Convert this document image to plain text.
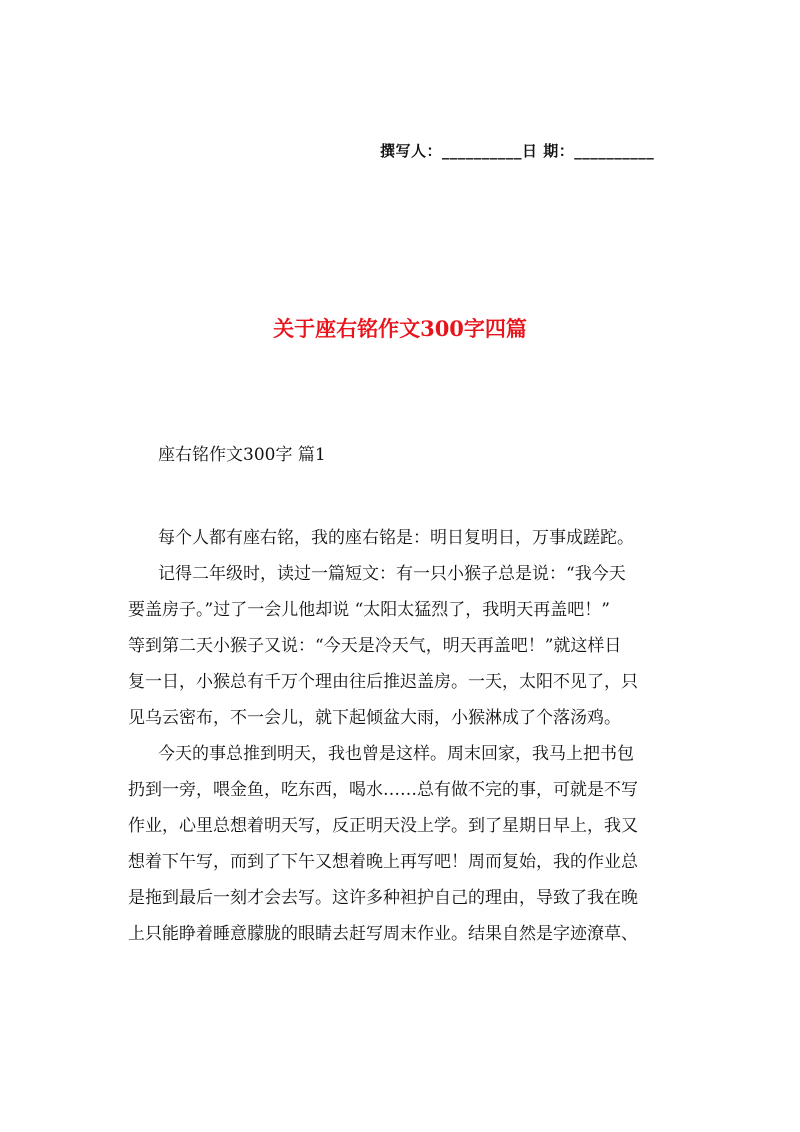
撰写人：__________日 期：__________
关于座右铭作文300字四篇
座右铭作文300字 篇1
每个人都有座右铭，我的座右铭是：明日复明日，万事成蹉跎。
记得二年级时，读过一篇短文：有一只小猴子总是说：“我今天
要盖房子。”过了一会儿他却说 “太阳太猛烈了，我明天再盖吧！”
等到第二天小猴子又说：“今天是冷天气，明天再盖吧！”就这样日
复一日，小猴总有千万个理由往后推迟盖房。一天，太阳不见了，只
见乌云密布，不一会儿，就下起倾盆大雨，小猴淋成了个落汤鸡。
今天的事总推到明天，我也曾是这样。周末回家，我马上把书包
扔到一旁，喂金鱼，吃东西，喝水……总有做不完的事，可就是不写
作业，心里总想着明天写，反正明天没上学。到了星期日早上，我又
想着下午写，而到了下午又想着晚上再写吧！周而复始，我的作业总
是拖到最后一刻才会去写。这许多种袒护自己的理由，导致了我在晚
上只能睁着睡意朦胧的眼睛去赶写周末作业。结果自然是字迹潦草、
